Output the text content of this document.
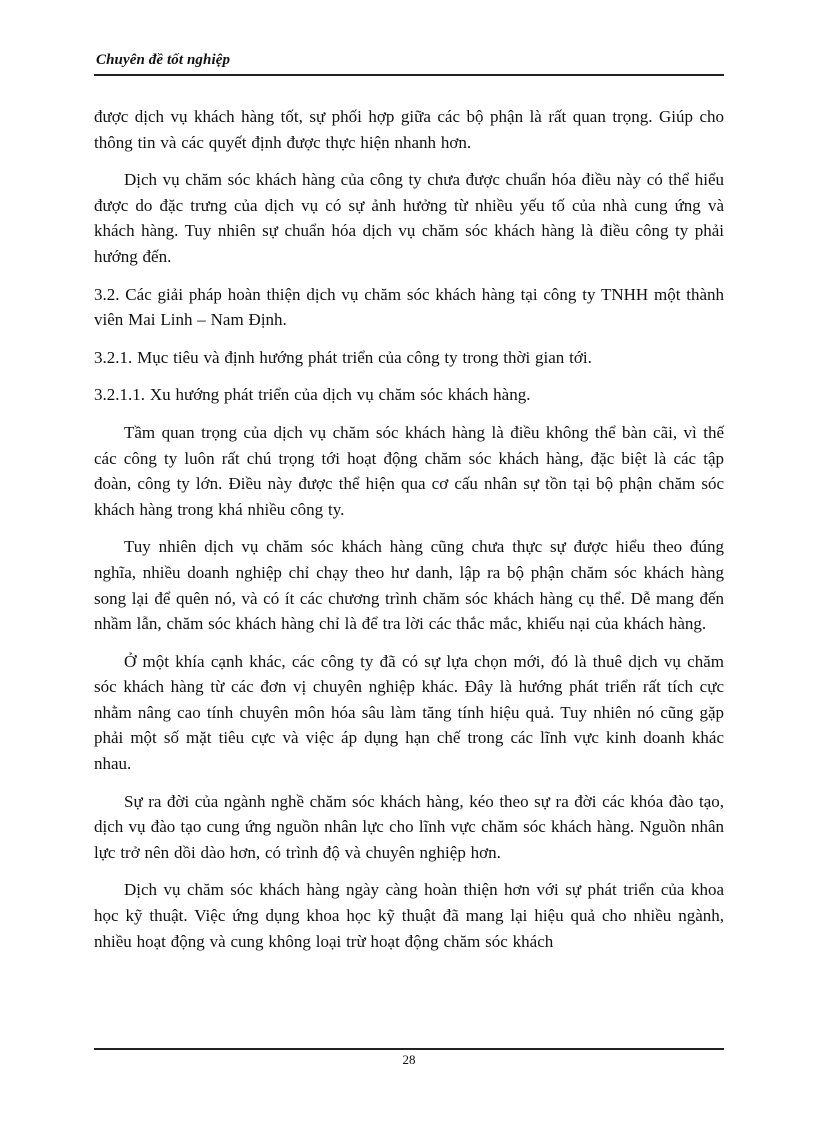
Chuyên đề tốt nghiệp

được dịch vụ khách hàng tốt, sự phối hợp giữa các bộ phận là rất quan trọng. Giúp cho thông tin và các quyết định được thực hiện nhanh hơn.

Dịch vụ chăm sóc khách hàng của công ty chưa được chuẩn hóa điều này có thể hiểu được do đặc trưng của dịch vụ có sự ảnh hưởng từ nhiều yếu tố của nhà cung ứng và khách hàng. Tuy nhiên sự chuẩn hóa dịch vụ chăm sóc khách hàng là điều công ty phải hướng đến.

3.2. Các giải pháp hoàn thiện dịch vụ chăm sóc khách hàng tại công ty TNHH một thành viên Mai Linh – Nam Định.

3.2.1. Mục tiêu và định hướng phát triển của công ty trong thời gian tới.

3.2.1.1. Xu hướng phát triển của dịch vụ chăm sóc khách hàng.

Tầm quan trọng của dịch vụ chăm sóc khách hàng là điều không thể bàn cãi, vì thế các công ty luôn rất chú trọng tới hoạt động chăm sóc khách hàng, đặc biệt là các tập đoàn, công ty lớn. Điều này được thể hiện qua cơ cấu nhân sự tồn tại bộ phận chăm sóc khách hàng trong khá nhiều công ty.

Tuy nhiên dịch vụ chăm sóc khách hàng cũng chưa thực sự được hiểu theo đúng nghĩa, nhiều doanh nghiệp chỉ chạy theo hư danh, lập ra bộ phận chăm sóc khách hàng song lại để quên nó, và có ít các chương trình chăm sóc khách hàng cụ thể. Dễ mang đến nhầm lẫn, chăm sóc khách hàng chỉ là để tra lời các thắc mắc, khiếu nại của khách hàng.

Ở một khía cạnh khác, các công ty đã có sự lựa chọn mới, đó là thuê dịch vụ chăm sóc khách hàng từ các đơn vị chuyên nghiệp khác. Đây là hướng phát triển rất tích cực nhằm nâng cao tính chuyên môn hóa sâu làm tăng tính hiệu quả. Tuy nhiên nó cũng gặp phải một số mặt tiêu cực và việc áp dụng hạn chế trong các lĩnh vực kinh doanh khác nhau.

Sự ra đời của ngành nghề chăm sóc khách hàng, kéo theo sự ra đời các khóa đào tạo, dịch vụ đào tạo cung ứng nguồn nhân lực cho lĩnh vực chăm sóc khách hàng. Nguồn nhân lực trở nên dồi dào hơn, có trình độ và chuyên nghiệp hơn.

Dịch vụ chăm sóc khách hàng ngày càng hoàn thiện hơn với sự phát triển của khoa học kỹ thuật. Việc ứng dụng khoa học kỹ thuật đã mang lại hiệu quả cho nhiều ngành, nhiều hoạt động và cung không loại trừ hoạt động chăm sóc khách

28
